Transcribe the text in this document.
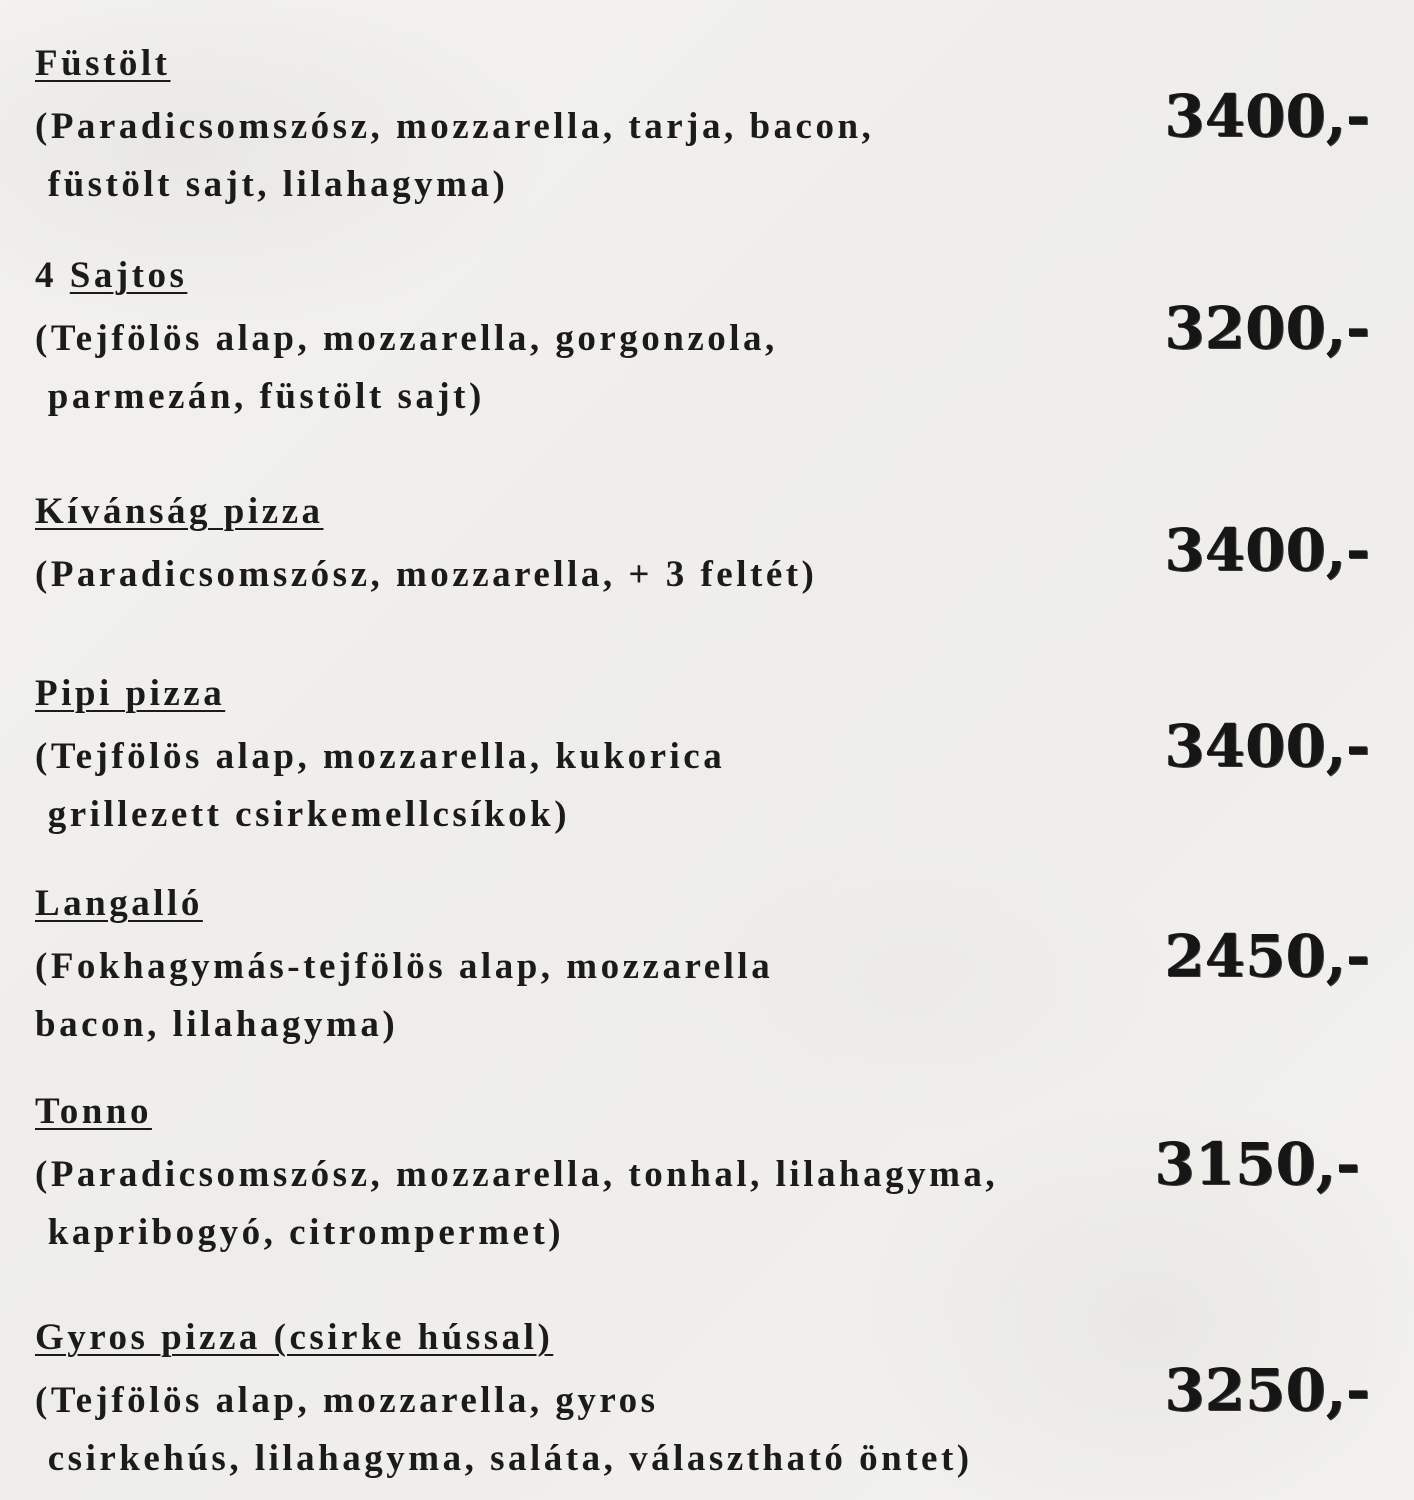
Füstölt

(Paradicsomszósz, mozzarella, tarja, bacon,
füstölt sajt, lilahagyma)

3400,-

4 Sajtos

(Tejfölös alap, mozzarella, gorgonzola,
parmezán, füstölt sajt)

3200,-

Kívánság pizza

(Paradicsomszósz, mozzarella, + 3 feltét)	3400,-

Pipi pizza

(Tejfölös alap, mozzarella, kukorica
grillezett csirkemellcsíkok)

3400,-

Langalló

(Fokhagymás-tejfölös alap, mozzarella
bacon, lilahagyma)

2450,-

Tonno

(Paradicsomszósz, mozzarella, tonhal, lilahagyma,
kapribogyó, citrompermet)

3150,-

Gyros pizza (csirke hússal)

(Tejfölös alap, mozzarella, gyros
csirkehús, lilahagyma, saláta, választható öntet)

3250,-
